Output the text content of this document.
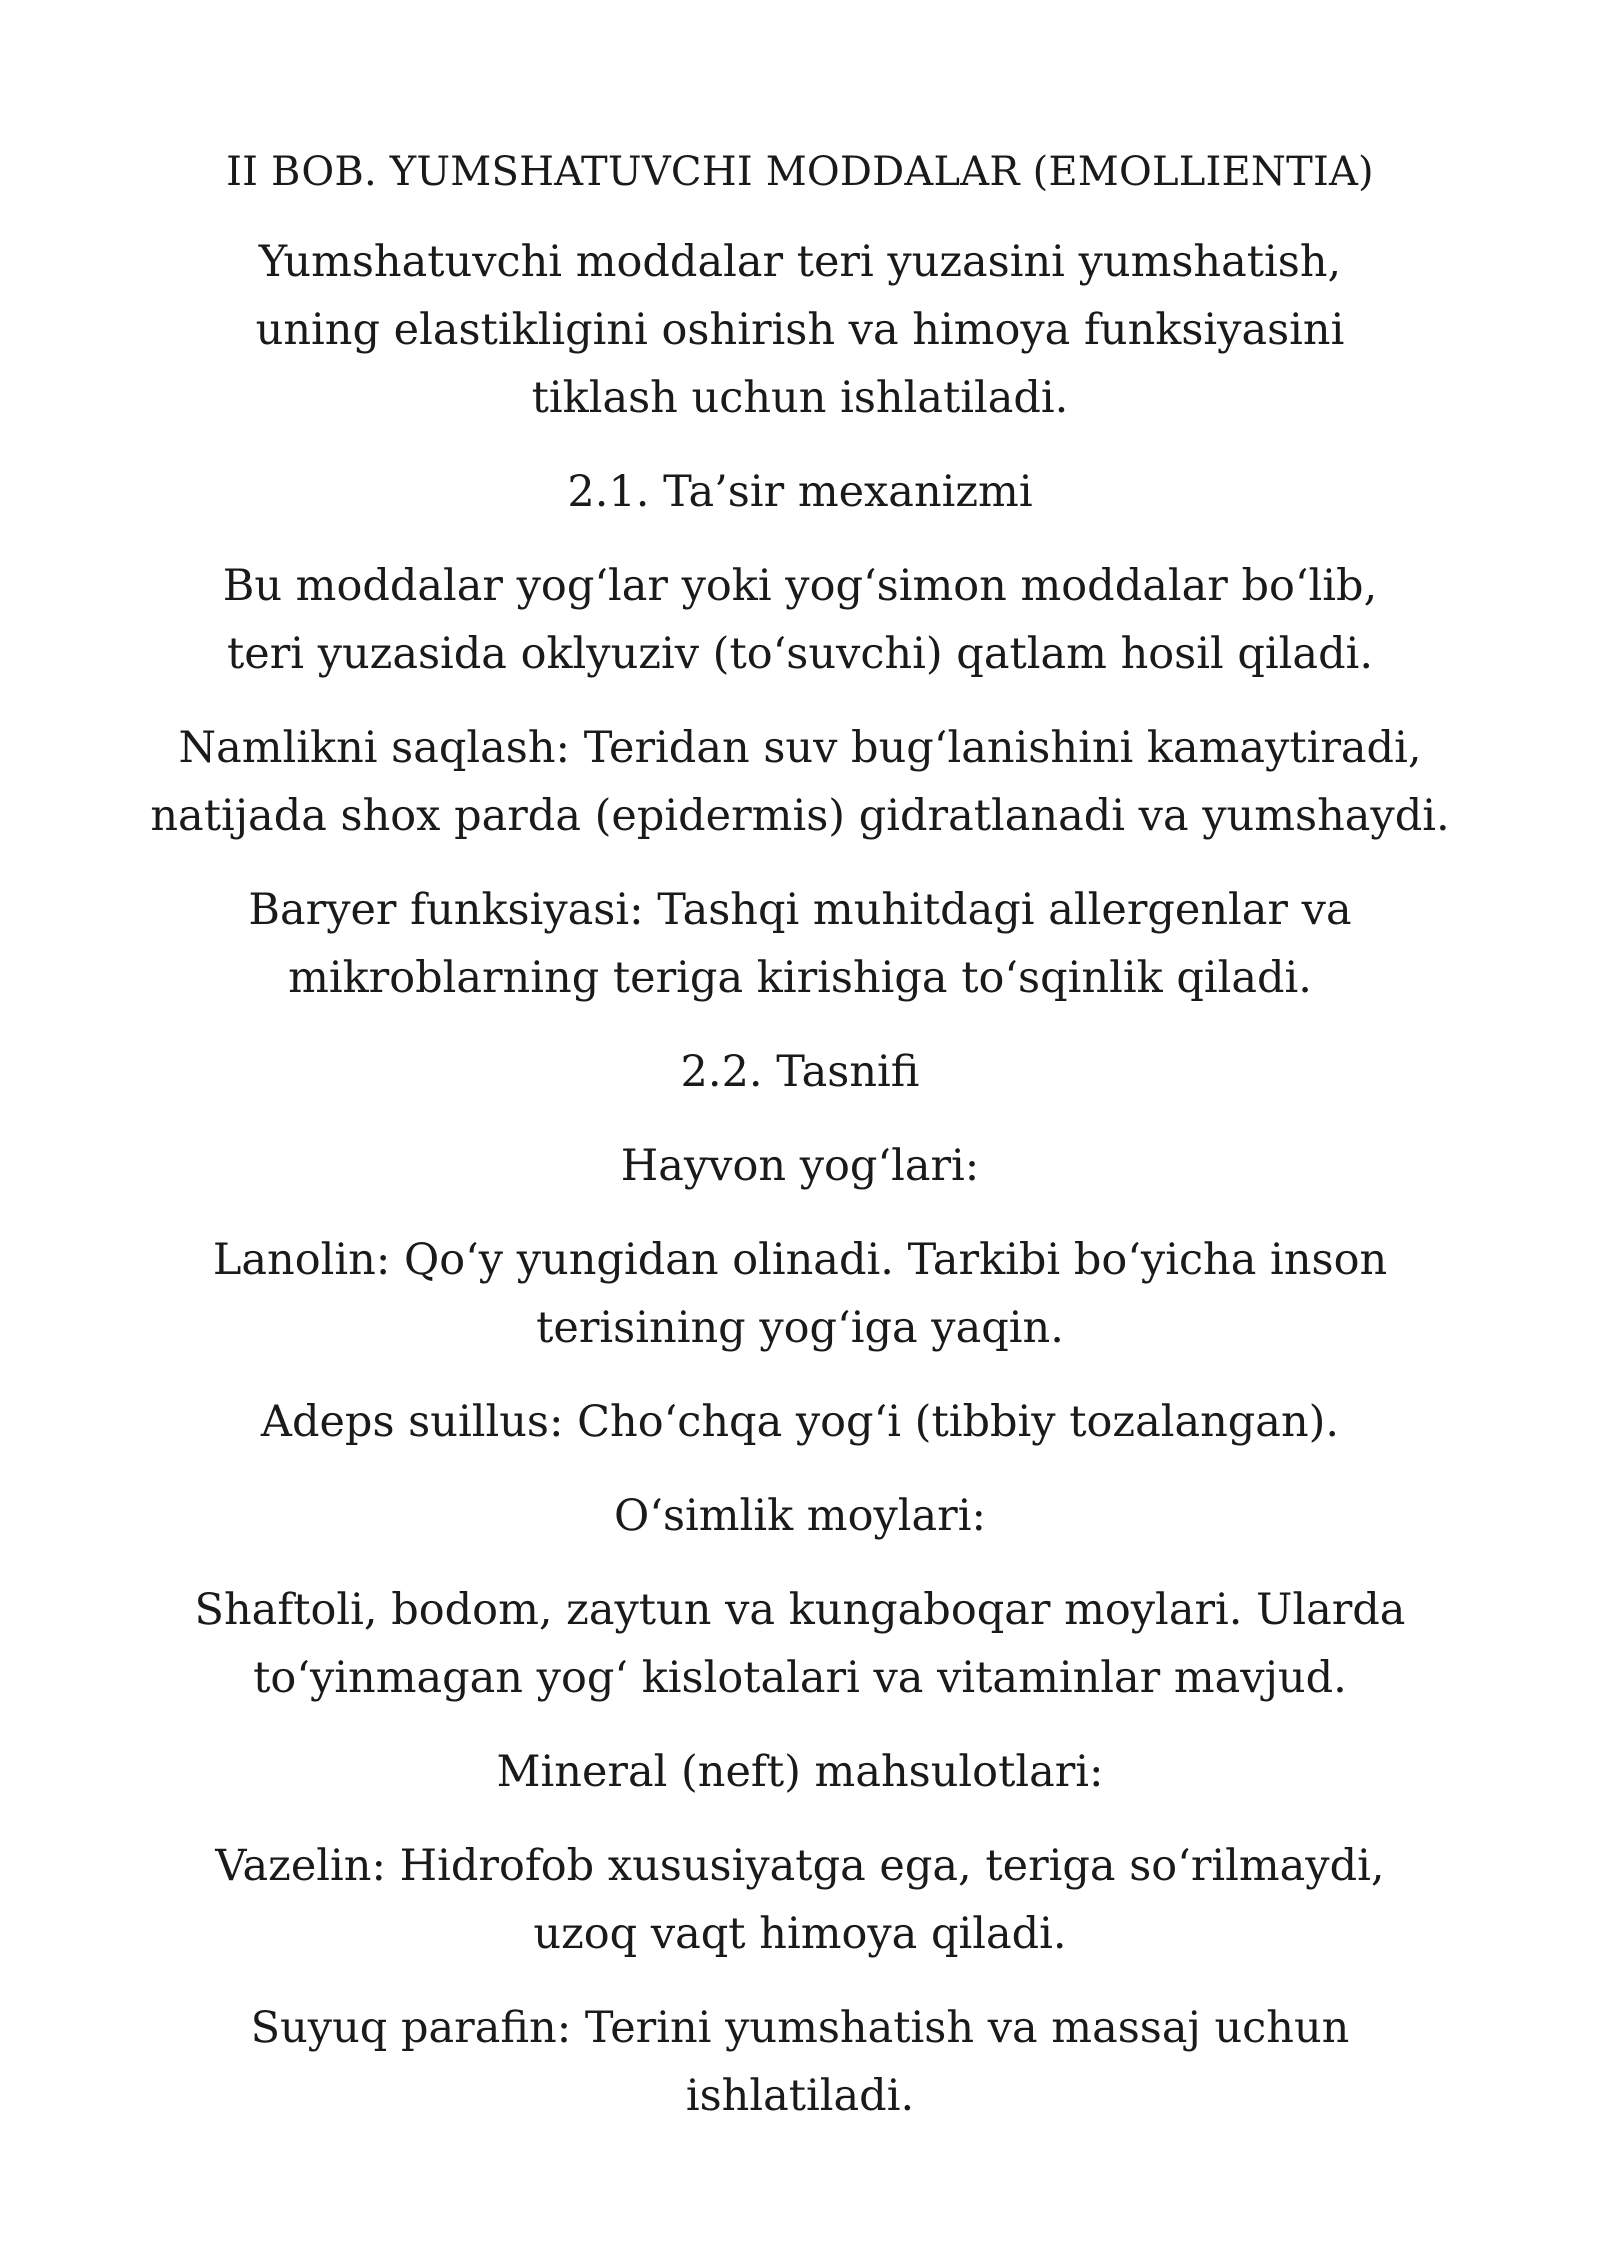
II BOB. YUMSHATUVCHI MODDALAR (EMOLLIENTIA)
Yumshatuvchi moddalar teri yuzasini yumshatish, uning elastikligini oshirish va himoya funksiyasini tiklash uchun ishlatiladi.
2.1. Ta’sir mexanizmi
Bu moddalar yog‘lar yoki yog‘simon moddalar bo‘lib, teri yuzasida oklyuziv (to‘suvchi) qatlam hosil qiladi.
Namlikni saqlash: Teridan suv bug‘lanishini kamaytiradi, natijada shox parda (epidermis) gidratlanadi va yumshaydi.
Baryer funksiyasi: Tashqi muhitdagi allergenlar va mikroblarning teriga kirishiga to‘sqinlik qiladi.
2.2. Tasnifi
Hayvon yog‘lari:
Lanolin: Qo‘y yungidan olinadi. Tarkibi bo‘yicha inson terisining yog‘iga yaqin.
Adeps suillus: Cho‘chqa yog‘i (tibbiy tozalangan).
O‘simlik moylari:
Shaftoli, bodom, zaytun va kungaboqar moylari. Ularda to‘yinmagan yog‘ kislotalari va vitaminlar mavjud.
Mineral (neft) mahsulotlari:
Vazelin: Hidrofob xususiyatga ega, teriga so‘rilmaydi, uzoq vaqt himoya qiladi.
Suyuq parafin: Terini yumshatish va massaj uchun ishlatiladi.
